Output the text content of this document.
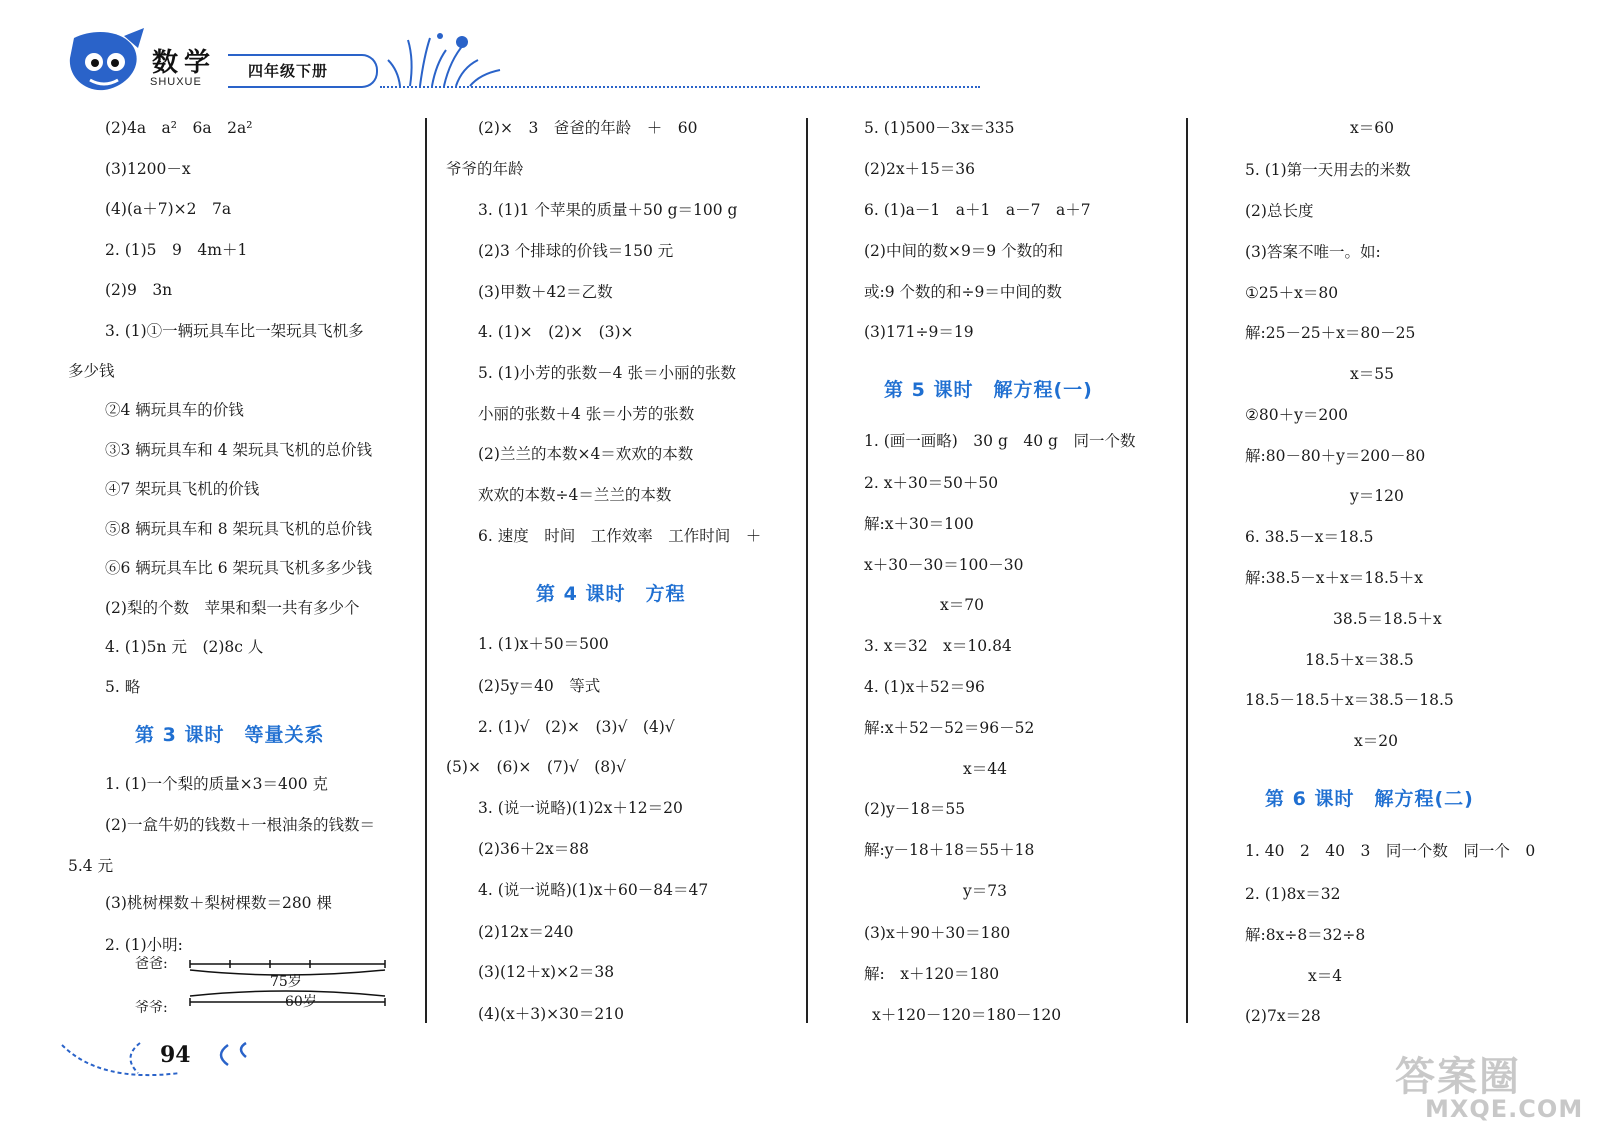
数学
SHUXUE
四年级下册
(2)4a　a²　6a　2a²
(3)1200－x
(4)(a＋7)×2　7a
2. (1)5　9　4m＋1
(2)9　3n
3. (1)①一辆玩具车比一架玩具飞机多
多少钱
②4 辆玩具车的价钱
③3 辆玩具车和 4 架玩具飞机的总价钱
④7 架玩具飞机的价钱
⑤8 辆玩具车和 8 架玩具飞机的总价钱
⑥6 辆玩具车比 6 架玩具飞机多多少钱
(2)梨的个数　苹果和梨一共有多少个
4. (1)5n 元　(2)8c 人
5. 略
第 3 课时　等量关系
1. (1)一个梨的质量×3＝400 克
(2)一盒牛奶的钱数＋一根油条的钱数＝
5.4 元
(3)桃树棵数＋梨树棵数＝280 棵
2. (1)小明:
爸爸:
爷爷:
75岁
60岁
(2)×　3　爸爸的年龄　＋　60
爷爷的年龄
3. (1)1 个苹果的质量＋50 g＝100 g
(2)3 个排球的价钱＝150 元
(3)甲数＋42＝乙数
4. (1)×　(2)×　(3)×
5. (1)小芳的张数－4 张＝小丽的张数
小丽的张数＋4 张＝小芳的张数
(2)兰兰的本数×4＝欢欢的本数
欢欢的本数÷4＝兰兰的本数
6. 速度　时间　工作效率　工作时间　＋
第 4 课时　方程
1. (1)x＋50＝500
(2)5y＝40　等式
2. (1)√　(2)×　(3)√　(4)√
(5)×　(6)×　(7)√　(8)√
3. (说一说略)(1)2x＋12＝20
(2)36＋2x＝88
4. (说一说略)(1)x＋60－84＝47
(2)12x＝240
(3)(12＋x)×2＝38
(4)(x＋3)×30＝210
5. (1)500－3x＝335
(2)2x＋15＝36
6. (1)a－1　a＋1　a－7　a＋7
(2)中间的数×9＝9 个数的和
或:9 个数的和÷9＝中间的数
(3)171÷9＝19
第 5 课时　解方程(一)
1. (画一画略)　30 g　40 g　同一个数
2. x＋30＝50＋50
解:x＋30＝100
x＋30－30＝100－30
x＝70
3. x＝32　x＝10.84
4. (1)x＋52＝96
解:x＋52－52＝96－52
x＝44
(2)y－18＝55
解:y－18＋18＝55＋18
y＝73
(3)x＋90＋30＝180
解:　x＋120＝180
x＋120－120＝180－120
x＝60
5. (1)第一天用去的米数
(2)总长度
(3)答案不唯一。如:
①25＋x＝80
解:25－25＋x＝80－25
x＝55
②80＋y＝200
解:80－80＋y＝200－80
y＝120
6. 38.5－x＝18.5
解:38.5－x＋x＝18.5＋x
38.5＝18.5＋x
18.5＋x＝38.5
18.5－18.5＋x＝38.5－18.5
x＝20
第 6 课时　解方程(二)
1. 40　2　40　3　同一个数　同一个　0
2. (1)8x＝32
解:8x÷8＝32÷8
x＝4
(2)7x＝28
94	答案圈
MXQE.COM
